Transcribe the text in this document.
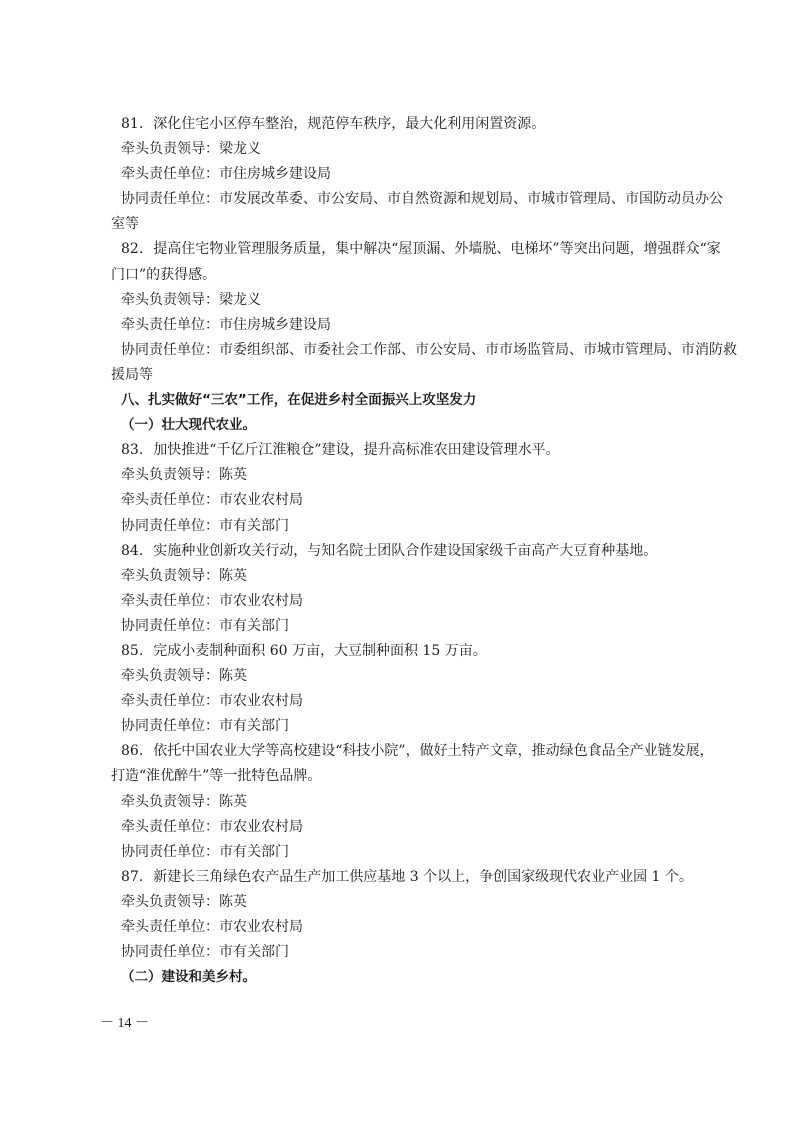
81. 深化住宅小区停车整治，规范停车秩序，最大化利用闲置资源。
牵头负责领导：梁龙义
牵头责任单位：市住房城乡建设局
协同责任单位：市发展改革委、市公安局、市自然资源和规划局、市城市管理局、市国防动员办公
室等
82. 提高住宅物业管理服务质量，集中解决“屋顶漏、外墙脱、电梯坏”等突出问题，增强群众“家
门口”的获得感。
牵头负责领导：梁龙义
牵头责任单位：市住房城乡建设局
协同责任单位：市委组织部、市委社会工作部、市公安局、市市场监管局、市城市管理局、市消防救
援局等
八、扎实做好“三农”工作，在促进乡村全面振兴上攻坚发力
（一）壮大现代农业。
83. 加快推进“千亿斤江淮粮仓”建设，提升高标准农田建设管理水平。
牵头负责领导：陈英
牵头责任单位：市农业农村局
协同责任单位：市有关部门
84. 实施种业创新攻关行动，与知名院士团队合作建设国家级千亩高产大豆育种基地。
牵头负责领导：陈英
牵头责任单位：市农业农村局
协同责任单位：市有关部门
85. 完成小麦制种面积 60 万亩，大豆制种面积 15 万亩。
牵头负责领导：陈英
牵头责任单位：市农业农村局
协同责任单位：市有关部门
86. 依托中国农业大学等高校建设“科技小院”，做好土特产文章，推动绿色食品全产业链发展，
打造“淮优醉牛”等一批特色品牌。
牵头负责领导：陈英
牵头责任单位：市农业农村局
协同责任单位：市有关部门
87. 新建长三角绿色农产品生产加工供应基地 3 个以上，争创国家级现代农业产业园 1 个。
牵头负责领导：陈英
牵头责任单位：市农业农村局
协同责任单位：市有关部门
（二）建设和美乡村。
－ 14 －
